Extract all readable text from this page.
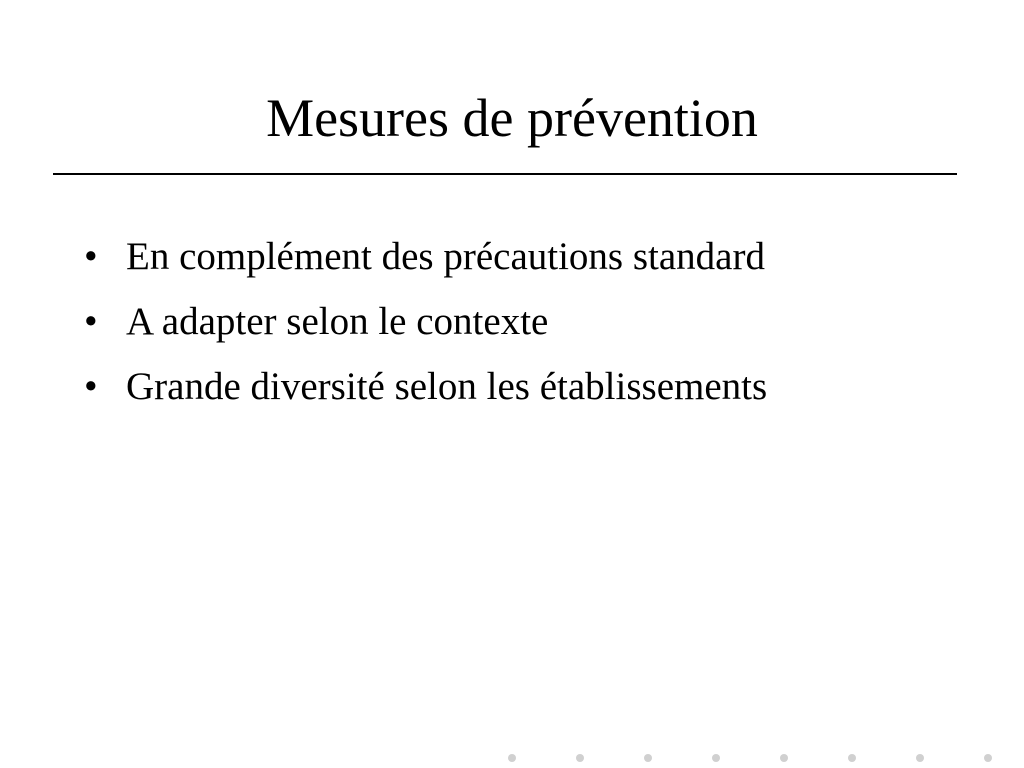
Mesures de prévention
• En complément des précautions standard
• A adapter selon le contexte
• Grande diversité selon les établissements
